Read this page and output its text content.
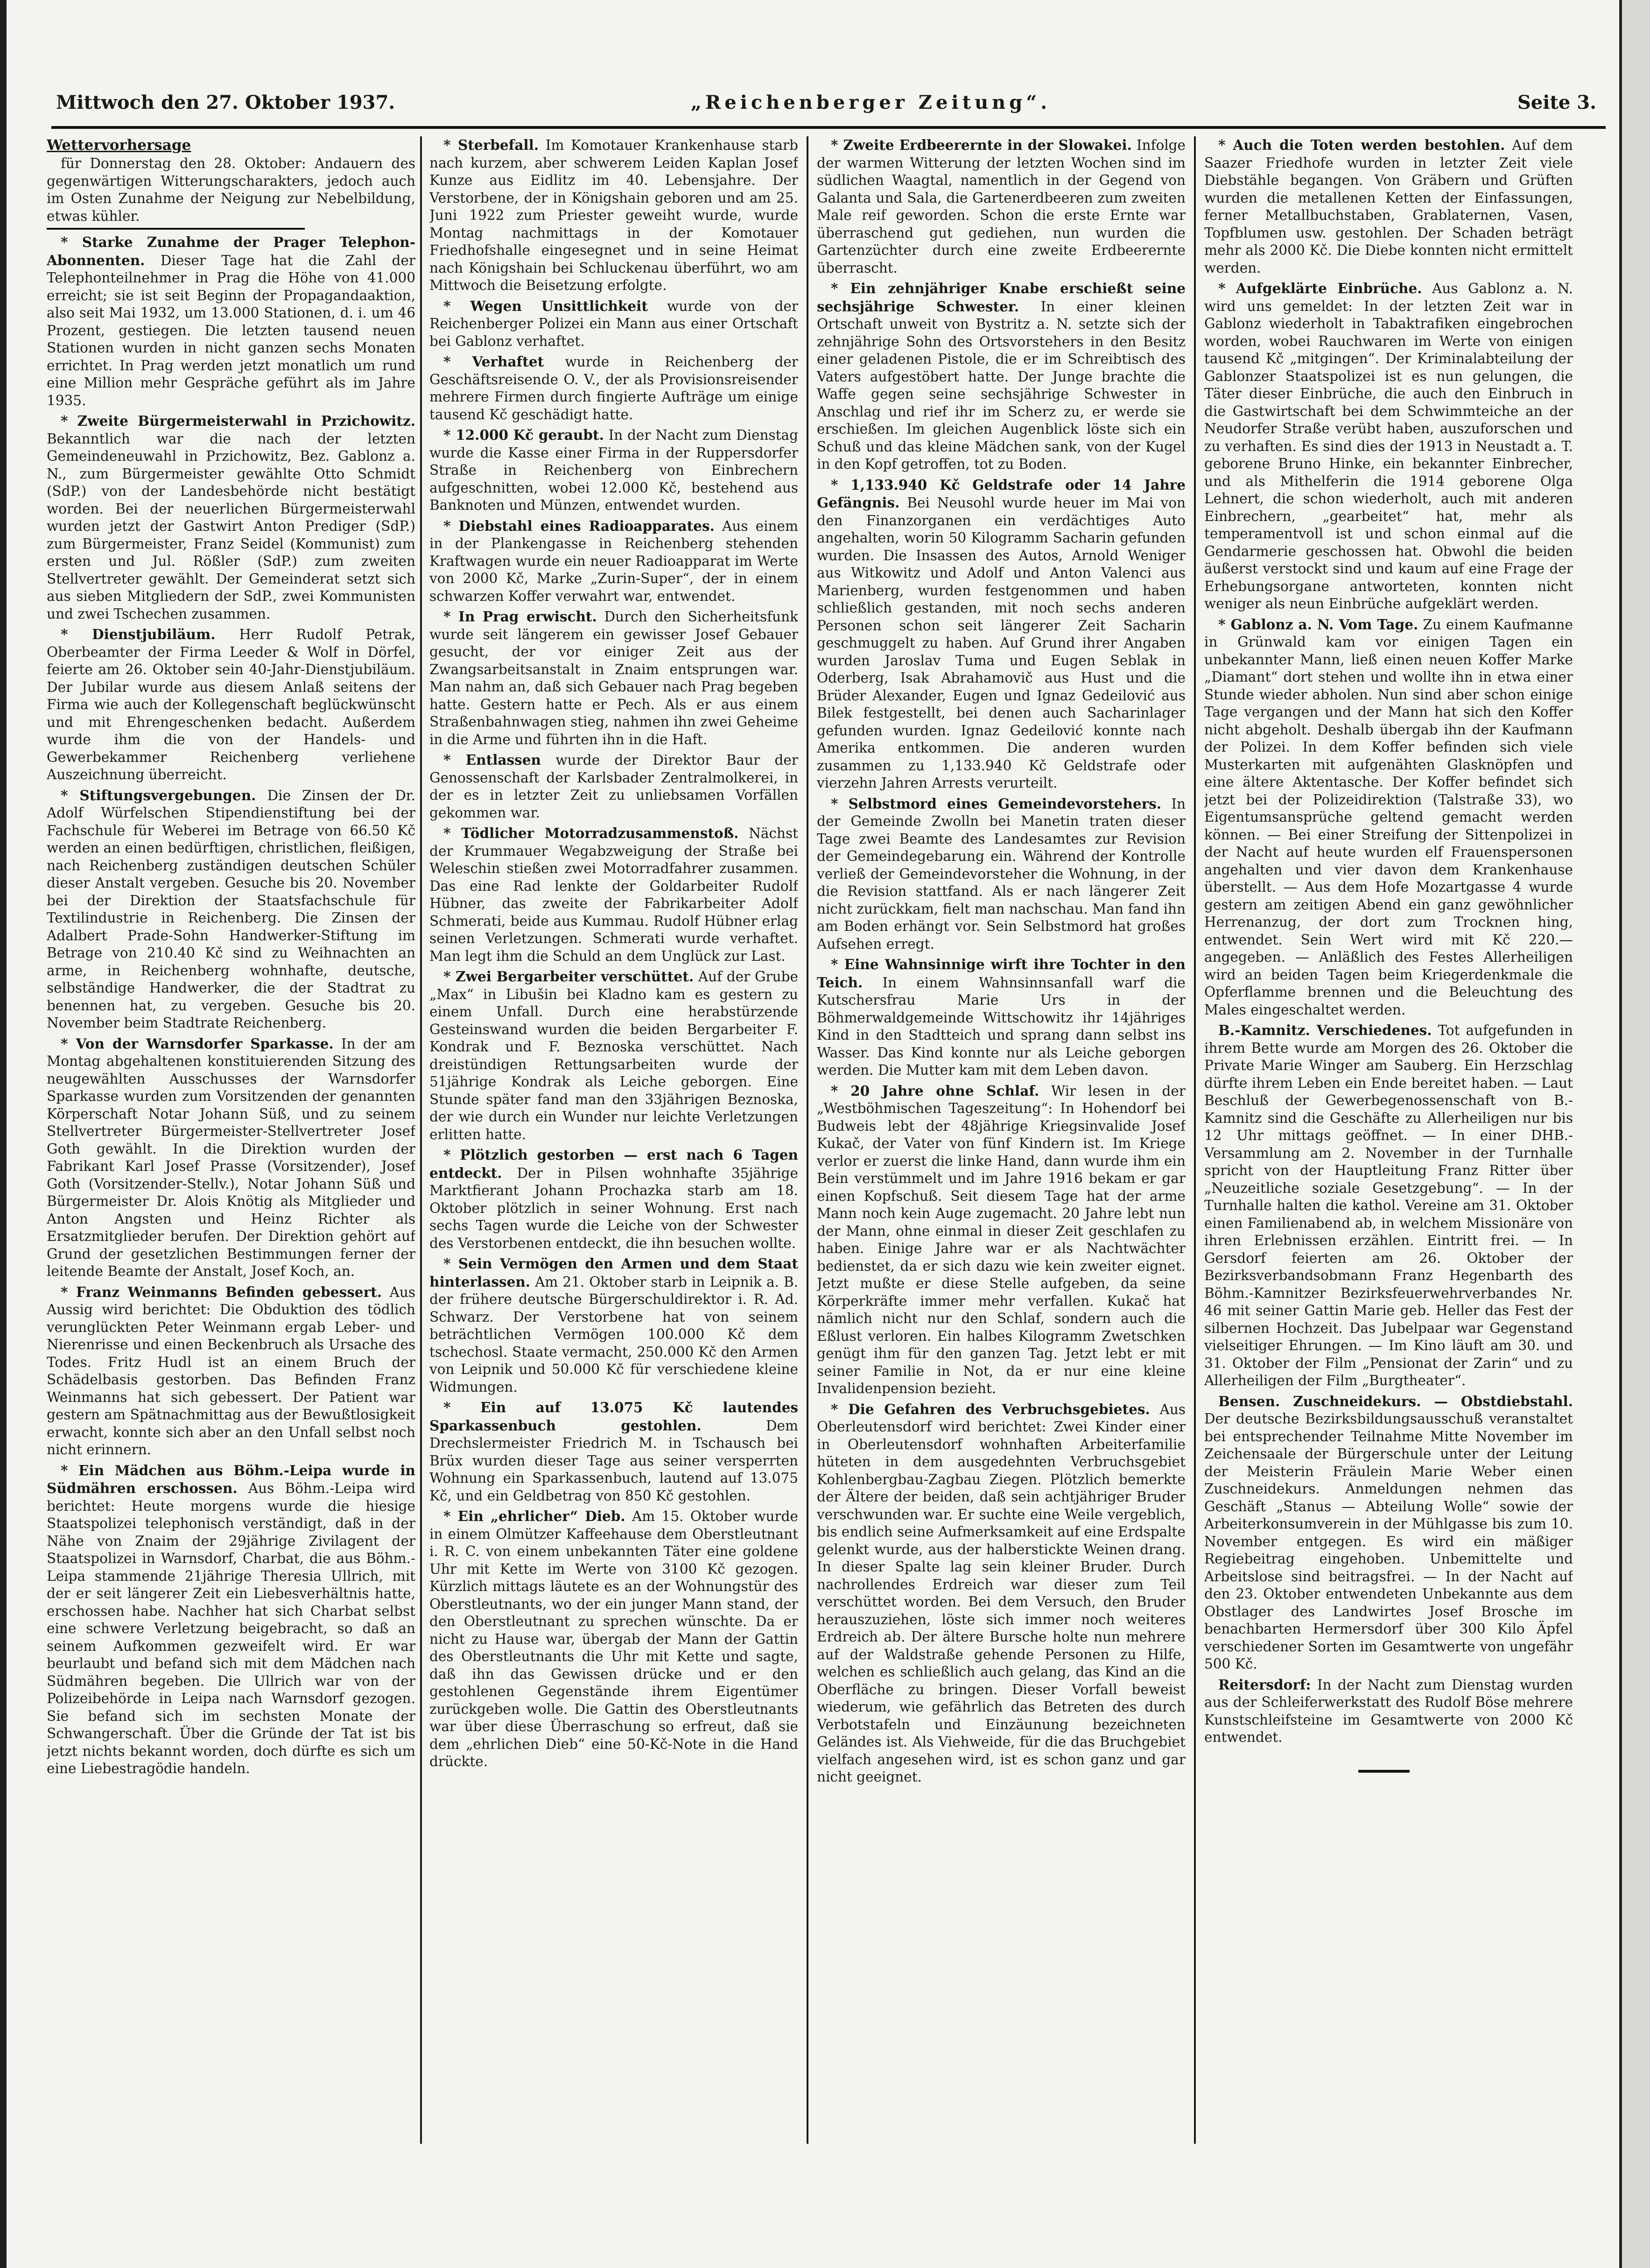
Mittwoch den 27. Oktober 1937.	„Reichenberger Zeitung“.	Seite 3.
Wettervorhersage

für Donnerstag den 28. Oktober: Andauern des gegenwärtigen Witterungscharakters, jedoch auch im Osten Zunahme der Neigung zur Nebelbildung, etwas kühler.

* Starke Zunahme der Prager Telephon-Abonnenten. Dieser Tage hat die Zahl der Telephonteilnehmer in Prag die Höhe von 41.000 erreicht; sie ist seit Beginn der Propagandaaktion, also seit Mai 1932, um 13.000 Stationen, d. i. um 46 Prozent, gestiegen. Die letzten tausend neuen Stationen wurden in nicht ganzen sechs Monaten errichtet. In Prag werden jetzt monatlich um rund eine Million mehr Gespräche geführt als im Jahre 1935.

* Zweite Bürgermeisterwahl in Przichowitz. Bekanntlich war die nach der letzten Gemeindeneuwahl in Przichowitz, Bez. Gablonz a. N., zum Bürgermeister gewählte Otto Schmidt (SdP.) von der Landesbehörde nicht bestätigt worden. Bei der neuerlichen Bürgermeisterwahl wurden jetzt der Gastwirt Anton Prediger (SdP.) zum Bürgermeister, Franz Seidel (Kommunist) zum ersten und Jul. Rößler (SdP.) zum zweiten Stellvertreter gewählt. Der Gemeinderat setzt sich aus sieben Mitgliedern der SdP., zwei Kommunisten und zwei Tschechen zusammen.

* Dienstjubiläum. Herr Rudolf Petrak, Oberbeamter der Firma Leeder & Wolf in Dörfel, feierte am 26. Oktober sein 40-Jahr-Dienstjubiläum. Der Jubilar wurde aus diesem Anlaß seitens der Firma wie auch der Kollegenschaft beglückwünscht und mit Ehrengeschenken bedacht. Außerdem wurde ihm die von der Handels- und Gewerbekammer Reichenberg verliehene Auszeichnung überreicht.

* Stiftungsvergebungen. Die Zinsen der Dr. Adolf Würfelschen Stipendienstiftung bei der Fachschule für Weberei im Betrage von 66.50 Kč werden an einen bedürftigen, christlichen, fleißigen, nach Reichenberg zuständigen deutschen Schüler dieser Anstalt vergeben. Gesuche bis 20. November bei der Direktion der Staatsfachschule für Textilindustrie in Reichenberg. Die Zinsen der Adalbert Prade-Sohn Handwerker-Stiftung im Betrage von 210.40 Kč sind zu Weihnachten an arme, in Reichenberg wohnhafte, deutsche, selbständige Handwerker, die der Stadtrat zu benennen hat, zu vergeben. Gesuche bis 20. November beim Stadtrate Reichenberg.

* Von der Warnsdorfer Sparkasse. In der am Montag abgehaltenen konstituierenden Sitzung des neugewählten Ausschusses der Warnsdorfer Sparkasse wurden zum Vorsitzenden der genannten Körperschaft Notar Johann Süß, und zu seinem Stellvertreter Bürgermeister-Stellvertreter Josef Goth gewählt. In die Direktion wurden der Fabrikant Karl Josef Prasse (Vorsitzender), Josef Goth (Vorsitzender-Stellv.), Notar Johann Süß und Bürgermeister Dr. Alois Knötig als Mitglieder und Anton Angsten und Heinz Richter als Ersatzmitglieder berufen. Der Direktion gehört auf Grund der gesetzlichen Bestimmungen ferner der leitende Beamte der Anstalt, Josef Koch, an.

* Franz Weinmanns Befinden gebessert. Aus Aussig wird berichtet: Die Obduktion des tödlich verunglückten Peter Weinmann ergab Leber- und Nierenrisse und einen Beckenbruch als Ursache des Todes. Fritz Hudl ist an einem Bruch der Schädelbasis gestorben. Das Befinden Franz Weinmanns hat sich gebessert. Der Patient war gestern am Spätnachmittag aus der Bewußtlosigkeit erwacht, konnte sich aber an den Unfall selbst noch nicht erinnern.

* Ein Mädchen aus Böhm.-Leipa wurde in Südmähren erschossen. Aus Böhm.-Leipa wird berichtet: Heute morgens wurde die hiesige Staatspolizei telephonisch verständigt, daß in der Nähe von Znaim der 29jährige Zivilagent der Staatspolizei in Warnsdorf, Charbat, die aus Böhm.-Leipa stammende 21jährige Theresia Ullrich, mit der er seit längerer Zeit ein Liebesverhältnis hatte, erschossen habe. Nachher hat sich Charbat selbst eine schwere Verletzung beigebracht, so daß an seinem Aufkommen gezweifelt wird. Er war beurlaubt und befand sich mit dem Mädchen nach Südmähren begeben. Die Ullrich war von der Polizeibehörde in Leipa nach Warnsdorf gezogen. Sie befand sich im sechsten Monate der Schwangerschaft. Über die Gründe der Tat ist bis jetzt nichts bekannt worden, doch dürfte es sich um eine Liebestragödie handeln.

* Sterbefall. Im Komotauer Krankenhause starb nach kurzem, aber schwerem Leiden Kaplan Josef Kunze aus Eidlitz im 40. Lebensjahre. Der Verstorbene, der in Königshain geboren und am 25. Juni 1922 zum Priester geweiht wurde, wurde Montag nachmittags in der Komotauer Friedhofshalle eingesegnet und in seine Heimat nach Königshain bei Schluckenau überführt, wo am Mittwoch die Beisetzung erfolgte.

* Wegen Unsittlichkeit wurde von der Reichenberger Polizei ein Mann aus einer Ortschaft bei Gablonz verhaftet.

* Verhaftet wurde in Reichenberg der Geschäftsreisende O. V., der als Provisionsreisender mehrere Firmen durch fingierte Aufträge um einige tausend Kč geschädigt hatte.

* 12.000 Kč geraubt. In der Nacht zum Dienstag wurde die Kasse einer Firma in der Ruppersdorfer Straße in Reichenberg von Einbrechern aufgeschnitten, wobei 12.000 Kč, bestehend aus Banknoten und Münzen, entwendet wurden.

* Diebstahl eines Radioapparates. Aus einem in der Plankengasse in Reichenberg stehenden Kraftwagen wurde ein neuer Radioapparat im Werte von 2000 Kč, Marke „Zurin-Super“, der in einem schwarzen Koffer verwahrt war, entwendet.

* In Prag erwischt. Durch den Sicherheitsfunk wurde seit längerem ein gewisser Josef Gebauer gesucht, der vor einiger Zeit aus der Zwangsarbeitsanstalt in Znaim entsprungen war. Man nahm an, daß sich Gebauer nach Prag begeben hatte. Gestern hatte er Pech. Als er aus einem Straßenbahnwagen stieg, nahmen ihn zwei Geheime in die Arme und führten ihn in die Haft.

* Entlassen wurde der Direktor Baur der Genossenschaft der Karlsbader Zentralmolkerei, in der es in letzter Zeit zu unliebsamen Vorfällen gekommen war.

* Tödlicher Motorradzusammenstoß. Nächst der Krummauer Wegabzweigung der Straße bei Weleschin stießen zwei Motorradfahrer zusammen. Das eine Rad lenkte der Goldarbeiter Rudolf Hübner, das zweite der Fabrikarbeiter Adolf Schmerati, beide aus Kummau. Rudolf Hübner erlag seinen Verletzungen. Schmerati wurde verhaftet. Man legt ihm die Schuld an dem Unglück zur Last.

* Zwei Bergarbeiter verschüttet. Auf der Grube „Max“ in Libušin bei Kladno kam es gestern zu einem Unfall. Durch eine herabstürzende Gesteinswand wurden die beiden Bergarbeiter F. Kondrak und F. Beznoska verschüttet. Nach dreistündigen Rettungsarbeiten wurde der 51jährige Kondrak als Leiche geborgen. Eine Stunde später fand man den 33jährigen Beznoska, der wie durch ein Wunder nur leichte Verletzungen erlitten hatte.

* Plötzlich gestorben — erst nach 6 Tagen entdeckt. Der in Pilsen wohnhafte 35jährige Marktfierant Johann Prochazka starb am 18. Oktober plötzlich in seiner Wohnung. Erst nach sechs Tagen wurde die Leiche von der Schwester des Verstorbenen entdeckt, die ihn besuchen wollte.

* Sein Vermögen den Armen und dem Staat hinterlassen. Am 21. Oktober starb in Leipnik a. B. der frühere deutsche Bürgerschuldirektor i. R. Ad. Schwarz. Der Verstorbene hat von seinem beträchtlichen Vermögen 100.000 Kč dem tschechosl. Staate vermacht, 250.000 Kč den Armen von Leipnik und 50.000 Kč für verschiedene kleine Widmungen.

* Ein auf 13.075 Kč lautendes Sparkassenbuch gestohlen.	Dem Drechslermeister Friedrich M. in Tschausch bei Brüx wurden dieser Tage aus seiner versperrten Wohnung ein Sparkassenbuch, lautend auf 13.075 Kč, und ein Geldbetrag von 850 Kč gestohlen.

* Ein „ehrlicher“ Dieb. Am 15. Oktober wurde in einem Olmützer Kaffeehause dem Oberstleutnant i. R. C. von einem unbekannten Täter eine goldene Uhr mit Kette im Werte von 3100 Kč gezogen. Kürzlich mittags läutete es an der Wohnungstür des Oberstleutnants, wo der ein junger Mann stand, der den Oberstleutnant zu sprechen wünschte. Da er nicht zu Hause war, übergab der Mann der Gattin des Oberstleutnants die Uhr mit Kette und sagte, daß ihn das Gewissen drücke und er den gestohlenen Gegenstände ihrem Eigentümer zurückgeben wolle. Die Gattin des Oberstleutnants war über diese Überraschung so erfreut, daß sie dem „ehrlichen Dieb“ eine 50-Kč-Note in die Hand drückte.

* Zweite Erdbeerernte in der Slowakei. Infolge der warmen Witterung der letzten Wochen sind im südlichen Waagtal, namentlich in der Gegend von Galanta und Sala, die Gartenerdbeeren zum zweiten Male reif geworden. Schon die erste Ernte war überraschend gut gediehen, nun wurden die Gartenzüchter durch eine zweite Erdbeerernte überrascht.

* Ein zehnjähriger Knabe erschießt seine sechsjährige Schwester. In einer kleinen Ortschaft unweit von Bystritz a. N. setzte sich der zehnjährige Sohn des Ortsvorstehers in den Besitz einer geladenen Pistole, die er im Schreibtisch des Vaters aufgestöbert hatte. Der Junge brachte die Waffe gegen seine sechsjährige Schwester in Anschlag und rief ihr im Scherz zu, er werde sie erschießen. Im gleichen Augenblick löste sich ein Schuß und das kleine Mädchen sank, von der Kugel in den Kopf getroffen, tot zu Boden.

* 1,133.940 Kč Geldstrafe oder 14 Jahre Gefängnis. Bei Neusohl wurde heuer im Mai von den Finanzorganen ein verdächtiges Auto angehalten, worin 50 Kilogramm Sacharin gefunden wurden. Die Insassen des Autos, Arnold Weniger aus Witkowitz und Adolf und Anton Valenci aus Marienberg, wurden festgenommen und haben schließlich gestanden, mit noch sechs anderen Personen schon seit längerer Zeit Sacharin geschmuggelt zu haben. Auf Grund ihrer Angaben wurden Jaroslav Tuma und Eugen Seblak in Oderberg, Isak Abrahamovič aus Hust und die Brüder Alexander, Eugen und Ignaz Gedeilović aus Bilek festgestellt, bei denen auch Sacharinlager gefunden wurden. Ignaz Gedeilović konnte nach Amerika entkommen. Die anderen wurden zusammen zu 1,133.940 Kč Geldstrafe oder vierzehn Jahren Arrests verurteilt.

* Selbstmord eines Gemeindevorstehers. In der Gemeinde Zwolln bei Manetin traten dieser Tage zwei Beamte des Landesamtes zur Revision der Gemeindegebarung ein. Während der Kontrolle verließ der Gemeindevorsteher die Wohnung, in der die Revision stattfand. Als er nach längerer Zeit nicht zurückkam, fielt man nachschau. Man fand ihn am Boden erhängt vor. Sein Selbstmord hat großes Aufsehen erregt.

* Eine Wahnsinnige wirft ihre Tochter in den Teich. In einem Wahnsinnsanfall warf die Kutschersfrau Marie Urs in der Böhmerwaldgemeinde Wittschowitz ihr 14jähriges Kind in den Stadtteich und sprang dann selbst ins Wasser. Das Kind konnte nur als Leiche geborgen werden. Die Mutter kam mit dem Leben davon.

* 20 Jahre ohne Schlaf. Wir lesen in der „Westböhmischen Tageszeitung“: In Hohendorf bei Budweis lebt der 48jährige Kriegsinvalide Josef Kukač, der Vater von fünf Kindern ist. Im Kriege verlor er zuerst die linke Hand, dann wurde ihm ein Bein verstümmelt und im Jahre 1916 bekam er gar einen Kopfschuß. Seit diesem Tage hat der arme Mann noch kein Auge zugemacht. 20 Jahre lebt nun der Mann, ohne einmal in dieser Zeit geschlafen zu haben. Einige Jahre war er als Nachtwächter bedienstet, da er sich dazu wie kein zweiter eignet. Jetzt mußte er diese Stelle aufgeben, da seine Körperkräfte immer mehr verfallen. Kukač hat nämlich nicht nur den Schlaf, sondern auch die Eßlust verloren. Ein halbes Kilogramm Zwetschken genügt ihm für den ganzen Tag. Jetzt lebt er mit seiner Familie in Not, da er nur eine kleine Invalidenpension bezieht.

* Die Gefahren des Verbruchsgebietes. Aus Oberleutensdorf wird berichtet: Zwei Kinder einer in Oberleutensdorf wohnhaften Arbeiterfamilie hüteten in dem ausgedehnten Verbruchsgebiet Kohlenbergbau-Zagbau Ziegen. Plötzlich bemerkte der Ältere der beiden, daß sein achtjähriger Bruder verschwunden war. Er suchte eine Weile vergeblich, bis endlich seine Aufmerksamkeit auf eine Erdspalte gelenkt wurde, aus der halberstickte Weinen drang. In dieser Spalte lag sein kleiner Bruder. Durch nachrollendes Erdreich war dieser zum Teil verschüttet worden. Bei dem Versuch, den Bruder herauszuziehen, löste sich immer noch weiteres Erdreich ab. Der ältere Bursche holte nun mehrere auf der Waldstraße gehende Personen zu Hilfe, welchen es schließlich auch gelang, das Kind an die Oberfläche zu bringen. Dieser Vorfall beweist wiederum, wie gefährlich das Betreten des durch Verbotstafeln und Einzäunung bezeichneten Geländes ist. Als Viehweide, für die das Bruchgebiet vielfach angesehen wird, ist es schon ganz und gar nicht geeignet.

* Auch die Toten werden bestohlen. Auf dem Saazer Friedhofe wurden in letzter Zeit viele Diebstähle begangen. Von Gräbern und Grüften wurden die metallenen Ketten der Einfassungen, ferner Metallbuchstaben, Grablaternen, Vasen, Topfblumen usw. gestohlen. Der Schaden beträgt mehr als 2000 Kč. Die Diebe konnten nicht ermittelt werden.

* Aufgeklärte Einbrüche. Aus Gablonz a. N. wird uns gemeldet: In der letzten Zeit war in Gablonz wiederholt in Tabaktrafiken eingebrochen worden, wobei Rauchwaren im Werte von einigen tausend Kč „mitgingen“. Der Kriminalabteilung der Gablonzer Staatspolizei ist es nun gelungen, die Täter dieser Einbrüche, die auch den Einbruch in die Gastwirtschaft bei dem Schwimmteiche an der Neudorfer Straße verübt haben, auszuforschen und zu verhaften. Es sind dies der 1913 in Neustadt a. T. geborene Bruno Hinke, ein bekannter Einbrecher, und als Mithelferin die 1914 geborene Olga Lehnert, die schon wiederholt, auch mit anderen Einbrechern, „gearbeitet“ hat, mehr als temperamentvoll ist und schon einmal auf die Gendarmerie geschossen hat. Obwohl die beiden äußerst verstockt sind und kaum auf eine Frage der Erhebungsorgane antworteten, konnten nicht weniger als neun Einbrüche aufgeklärt werden.

* Gablonz a. N. Vom Tage. Zu einem Kaufmanne in Grünwald kam vor einigen Tagen ein unbekannter Mann, ließ einen neuen Koffer Marke „Diamant“ dort stehen und wollte ihn in etwa einer Stunde wieder abholen. Nun sind aber schon einige Tage vergangen und der Mann hat sich den Koffer nicht abgeholt. Deshalb übergab ihn der Kaufmann der Polizei. In dem Koffer befinden sich viele Musterkarten mit aufgenähten Glasknöpfen und eine ältere Aktentasche. Der Koffer befindet sich jetzt bei der Polizeidirektion (Talstraße 33), wo Eigentumsansprüche geltend gemacht werden können. — Bei einer Streifung der Sittenpolizei in der Nacht auf heute wurden elf Frauenspersonen angehalten und vier davon dem Krankenhause überstellt. — Aus dem Hofe Mozartgasse 4 wurde gestern am zeitigen Abend ein ganz gewöhnlicher Herrenanzug, der dort zum Trocknen hing, entwendet. Sein Wert wird mit Kč 220.— angegeben. — Anläßlich des Festes Allerheiligen wird an beiden Tagen beim Kriegerdenkmale die Opferflamme brennen und die Beleuchtung des Males eingeschaltet werden.

B.-Kamnitz. Verschiedenes. Tot aufgefunden in ihrem Bette wurde am Morgen des 26. Oktober die Private Marie Winger am Sauberg. Ein Herzschlag dürfte ihrem Leben ein Ende bereitet haben. — Laut Beschluß der Gewerbegenossenschaft von B.-Kamnitz sind die Geschäfte zu Allerheiligen nur bis 12 Uhr mittags geöffnet. — In einer DHB.-Versammlung am 2. November in der Turnhalle spricht von der Hauptleitung Franz Ritter über „Neuzeitliche soziale Gesetzgebung“. — In der Turnhalle halten die kathol. Vereine am 31. Oktober einen Familienabend ab, in welchem Missionäre von ihren Erlebnissen erzählen. Eintritt frei. — In Gersdorf feierten am 26. Oktober der Bezirksverbandsobmann Franz Hegenbarth des Böhm.-Kamnitzer Bezirksfeuerwehrverbandes Nr. 46 mit seiner Gattin Marie geb. Heller das Fest der silbernen Hochzeit. Das Jubelpaar war Gegenstand vielseitiger Ehrungen. — Im Kino läuft am 30. und 31. Oktober der Film „Pensionat der Zarin“ und zu Allerheiligen der Film „Burgtheater“.

Bensen. Zuschneidekurs. — Obstdiebstahl. Der deutsche Bezirksbildungsausschuß veranstaltet bei entsprechender Teilnahme Mitte November im Zeichensaale der Bürgerschule unter der Leitung der Meisterin Fräulein Marie Weber einen Zuschneidekurs. Anmeldungen nehmen das Geschäft „Stanus — Abteilung Wolle“ sowie der Arbeiterkonsumverein in der Mühlgasse bis zum 10. November entgegen. Es wird ein mäßiger Regiebeitrag eingehoben. Unbemittelte und Arbeitslose sind beitragsfrei. — In der Nacht auf den 23. Oktober entwendeten Unbekannte aus dem Obstlager des Landwirtes Josef Brosche im benachbarten Hermersdorf über 300 Kilo Äpfel verschiedener Sorten im Gesamtwerte von ungefähr 500 Kč.

Reitersdorf: In der Nacht zum Dienstag wurden aus der Schleiferwerkstatt des Rudolf Böse mehrere Kunstschleifsteine im Gesamtwerte von 2000 Kč entwendet.
